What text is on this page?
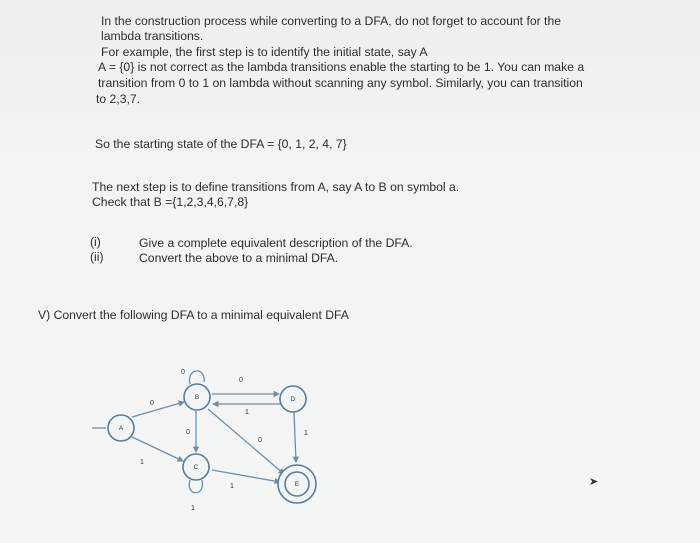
In the construction process while converting to a DFA, do not forget to account for the

lambda transitions.

For example, the first step is to identify the initial state, say A

A = {0} is not correct as the lambda transitions enable the starting to be 1. You can make a

transition from 0 to 1 on lambda without scanning any symbol. Similarly, you can transition

to 2,3,7.

So the starting state of the DFA = {0, 1, 2, 4, 7}

The next step is to define transitions from A, say A to B on symbol a.

Check that B ={1,2,3,4,6,7,8}

(i)	Give a complete equivalent description of the DFA.

(ii)	Convert the above to a minimal DFA.

V) Convert the following DFA to a minimal equivalent DFA

A
B
C
D
E
0
1
0
0
1
0
0
1
1
1
➤
